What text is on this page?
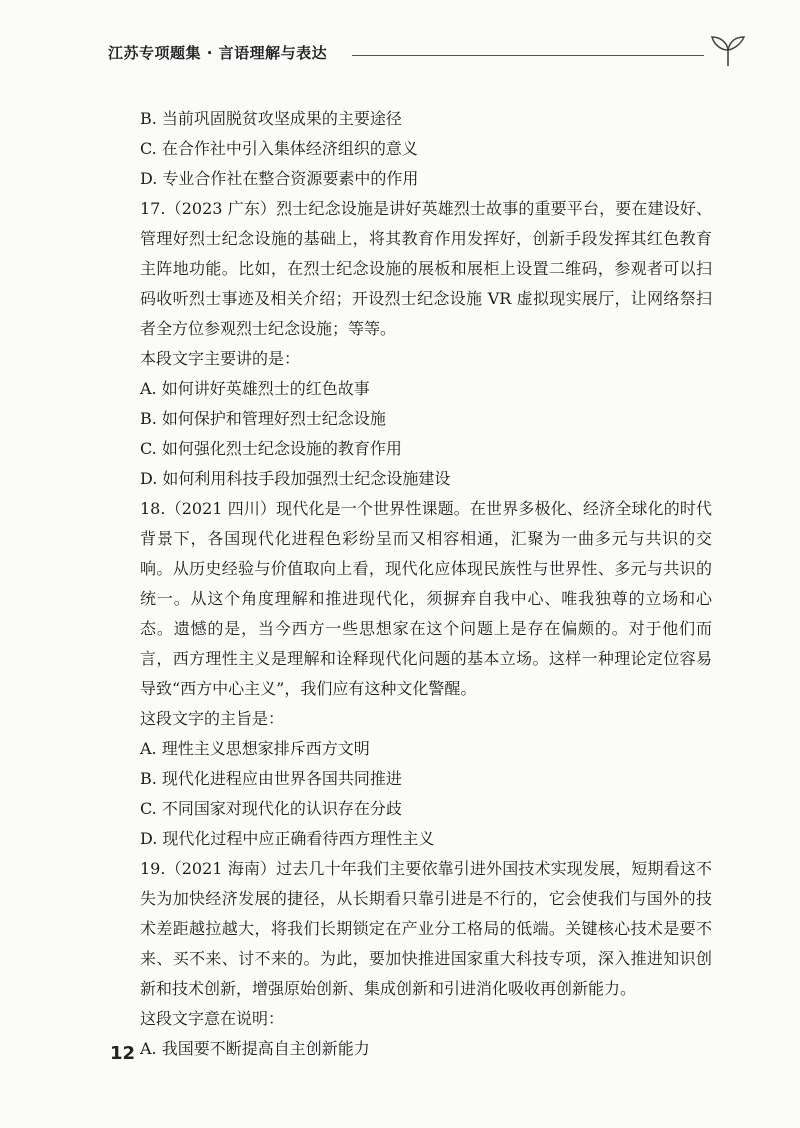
江苏专项题集 · 言语理解与表达

B. 当前巩固脱贫攻坚成果的主要途径

C. 在合作社中引入集体经济组织的意义

D. 专业合作社在整合资源要素中的作用

17.（2023 广东）烈士纪念设施是讲好英雄烈士故事的重要平台，要在建设好、管理好烈士纪念设施的基础上，将其教育作用发挥好，创新手段发挥其红色教育主阵地功能。比如，在烈士纪念设施的展板和展柜上设置二维码，参观者可以扫码收听烈士事迹及相关介绍；开设烈士纪念设施 VR 虚拟现实展厅，让网络祭扫者全方位参观烈士纪念设施；等等。

本段文字主要讲的是：

A. 如何讲好英雄烈士的红色故事

B. 如何保护和管理好烈士纪念设施

C. 如何强化烈士纪念设施的教育作用

D. 如何利用科技手段加强烈士纪念设施建设

18.（2021 四川）现代化是一个世界性课题。在世界多极化、经济全球化的时代背景下，各国现代化进程色彩纷呈而又相容相通，汇聚为一曲多元与共识的交响。从历史经验与价值取向上看，现代化应体现民族性与世界性、多元与共识的统一。从这个角度理解和推进现代化，须摒弃自我中心、唯我独尊的立场和心态。遗憾的是，当今西方一些思想家在这个问题上是存在偏颇的。对于他们而言，西方理性主义是理解和诠释现代化问题的基本立场。这样一种理论定位容易导致“西方中心主义”，我们应有这种文化警醒。

这段文字的主旨是：

A. 理性主义思想家排斥西方文明

B. 现代化进程应由世界各国共同推进

C. 不同国家对现代化的认识存在分歧

D. 现代化过程中应正确看待西方理性主义

19.（2021 海南）过去几十年我们主要依靠引进外国技术实现发展，短期看这不失为加快经济发展的捷径，从长期看只靠引进是不行的，它会使我们与国外的技术差距越拉越大，将我们长期锁定在产业分工格局的低端。关键核心技术是要不来、买不来、讨不来的。为此，要加快推进国家重大科技专项，深入推进知识创新和技术创新，增强原始创新、集成创新和引进消化吸收再创新能力。

这段文字意在说明：

A. 我国要不断提高自主创新能力

12
